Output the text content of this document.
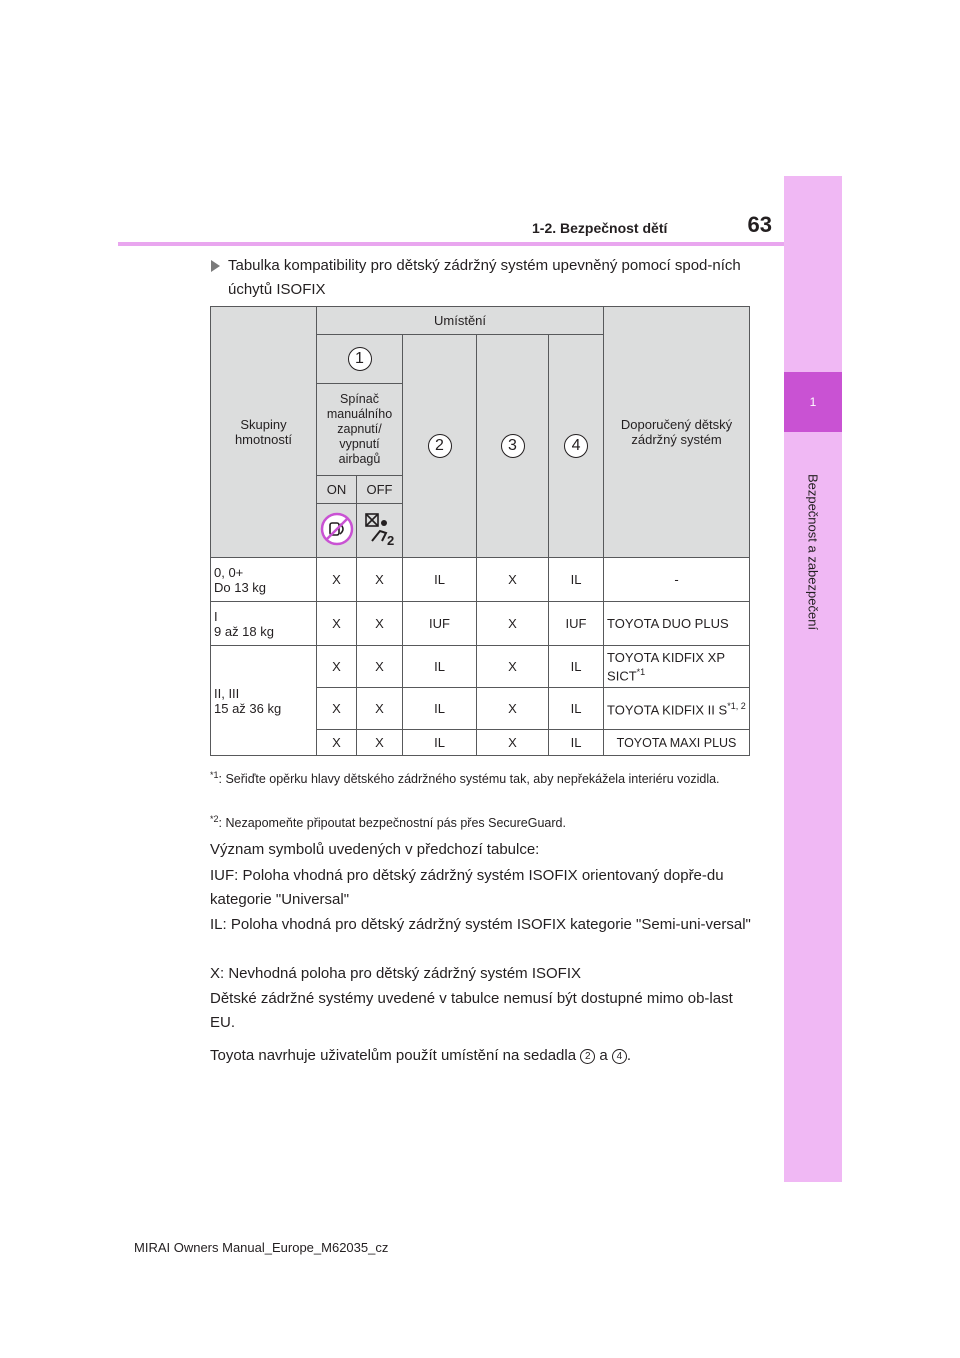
63
1-2. Bezpečnost dětí
1
Bezpečnost a zabezpečení
Tabulka kompatibility pro dětský zádržný systém upevněný pomocí spod-ních úchytů ISOFIX
Skupiny hmotností	Umístění					Doporučený dětský zádržný systém
	1		2	3	4	
	Spínač manuálního zapnutí/ vypnutí airbagů					
	ON	OFF				

2				

0, 0+
Do 13 kg	X	X	IL	X	IL	-
I
9 až 18 kg	X	X	IUF	X	IUF	TOYOTA DUO PLUS
II, III
15 až 36 kg	X	X	IL	X	IL	TOYOTA KIDFIX XP SICT$^{*1}$
	X	X	IL	X	IL	TOYOTA KIDFIX II S$^{*1, 2}$
	X	X	IL	X	IL	TOYOTA MAXI PLUS
$^{*1}$: Seřiďte opěrku hlavy dětského zádržného systému tak, aby nepřekážela interiéru vozidla.
$^{*2}$: Nezapomeňte připoutat bezpečnostní pás přes SecureGuard.
Význam symbolů uvedených v předchozí tabulce:
IUF: Poloha vhodná pro dětský zádržný systém ISOFIX orientovaný dopře-du kategorie "Universal"
IL: Poloha vhodná pro dětský zádržný systém ISOFIX kategorie "Semi-uni-versal"
X: Nevhodná poloha pro dětský zádržný systém ISOFIX
Dětské zádržné systémy uvedené v tabulce nemusí být dostupné mimo ob-last EU.
Toyota navrhuje uživatelům použít umístění na sedadla 2 a 4 .
MIRAI Owners Manual_Europe_M62035_cz
